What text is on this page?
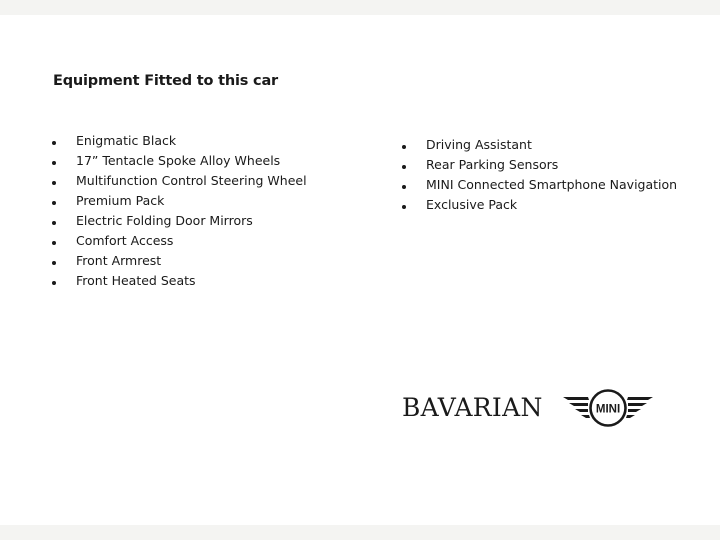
Equipment Fitted to this car
Enigmatic Black
17” Tentacle Spoke Alloy Wheels
Multifunction Control Steering Wheel
Premium Pack
Electric Folding Door Mirrors
Comfort Access
Front Armrest
Front Heated Seats
Driving Assistant
Rear Parking Sensors
MINI Connected Smartphone Navigation
Exclusive Pack
BAVARIAN	MINI
